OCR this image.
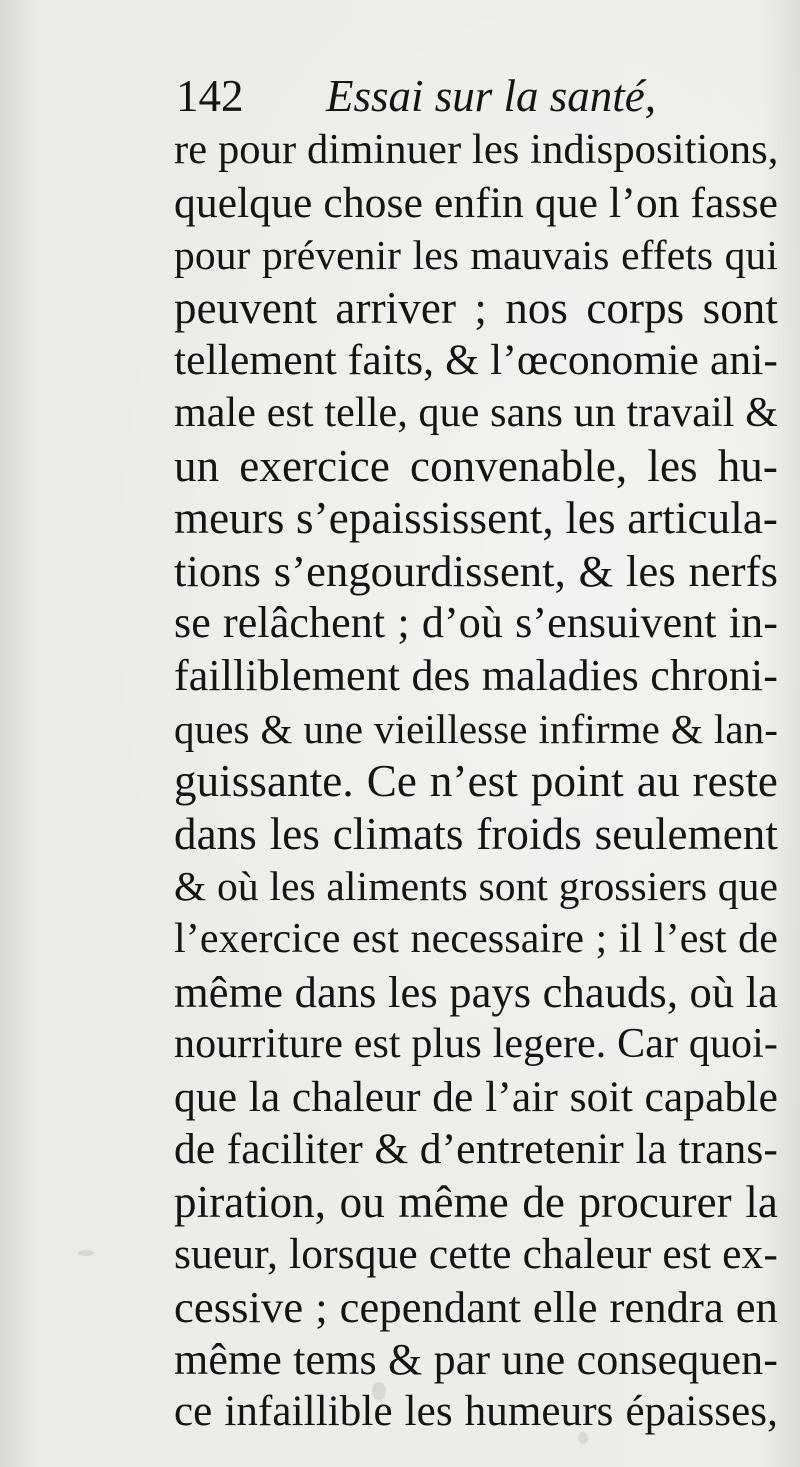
142 Essai sur la santé,
re pour diminuer les indispositions,
quelque chose enfin que l’on fasse
pour prévenir les mauvais effets qui
peuvent arriver ; nos corps sont
tellement faits, & l’œconomie ani-
male est telle, que sans un travail &
un exercice convenable, les hu-
meurs s’epaississent, les articula-
tions s’engourdissent, & les nerfs
se relâchent ; d’où s’ensuivent in-
failliblement des maladies chroni-
ques & une vieillesse infirme & lan-
guissante. Ce n’est point au reste
dans les climats froids seulement
& où les aliments sont grossiers que
l’exercice est necessaire ; il l’est de
même dans les pays chauds, où la
nourriture est plus legere. Car quoi-
que la chaleur de l’air soit capable
de faciliter & d’entretenir la trans-
piration, ou même de procurer la
sueur, lorsque cette chaleur est ex-
cessive ; cependant elle rendra en
même tems & par une consequen-
ce infaillible les humeurs épaisses,
